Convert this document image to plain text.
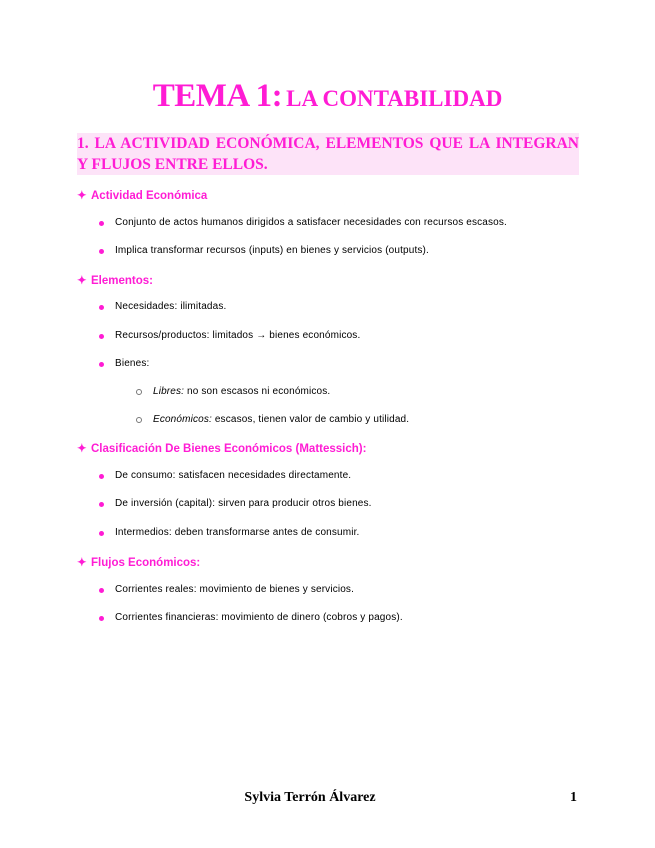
TEMA 1: LA CONTABILIDAD

1. LA ACTIVIDAD ECONÓMICA, ELEMENTOS QUE LA INTEGRAN Y FLUJOS ENTRE ELLOS.

✦ Actividad Económica
Conjunto de actos humanos dirigidos a satisfacer necesidades con recursos escasos.
Implica transformar recursos (inputs) en bienes y servicios (outputs).
✦ Elementos:
Necesidades: ilimitadas.
Recursos/productos: limitados → bienes económicos.
Bienes:
Libres: no son escasos ni económicos.
Económicos: escasos, tienen valor de cambio y utilidad.
✦ Clasificación De Bienes Económicos (Mattessich):
De consumo: satisfacen necesidades directamente.
De inversión (capital): sirven para producir otros bienes.
Intermedios: deben transformarse antes de consumir.
✦ Flujos Económicos:
Corrientes reales: movimiento de bienes y servicios.
Corrientes financieras: movimiento de dinero (cobros y pagos).
Sylvia Terrón Álvarez	1
